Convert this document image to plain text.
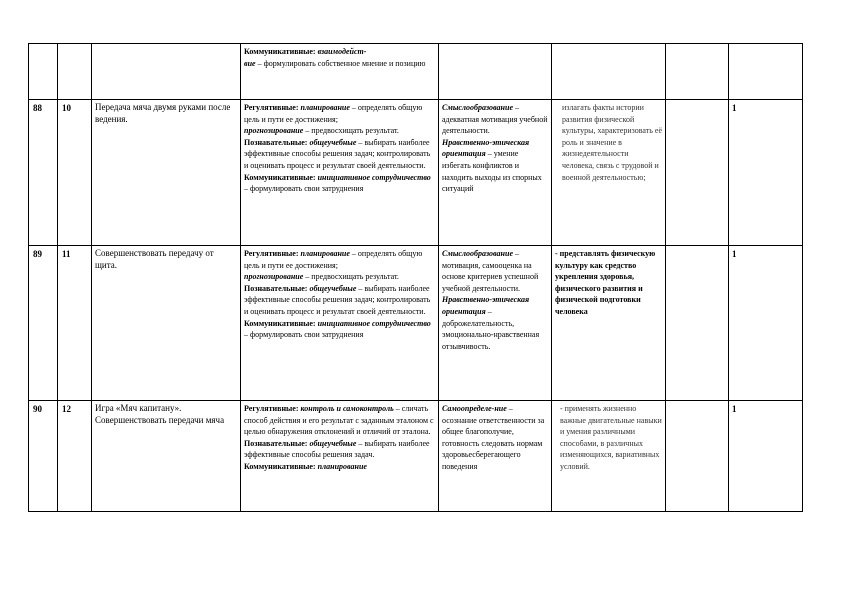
			Коммуникативные: взаимодейст-
вие – формулировать собственное мнение и позицию				

88	10	Передача мяча двумя руками после ведения.	Регулятивные: планирование – определять общую цель и пути ее достижения;
прогнозирование – предвосхищать результат.
Познавательные: общеучебные – выбирать наиболее эффективные способы решения задач; контролировать и оценивать процесс и результат своей деятельности.
Коммуникативные: инициативное сотрудничество – формулировать свои затруднения	Смыслообразование – адекватная мотивация учебной деятельности.
Нравственно-этическая ориентация – умение избегать конфликтов и находить выходы из спорных ситуаций	излагать факты истории развития физической культуры, характеризовать её роль и значение в жизнедеятельности человека, связь с трудовой и военной деятельностью;		1
89	11	Совершенствовать передачу от щита.	Регулятивные: планирование – определять общую цель и пути ее достижения;
прогнозирование – предвосхищать результат.
Познавательные: общеучебные – выбирать наиболее эффективные способы решения задач; контролировать и оценивать процесс и результат своей деятельности.
Коммуникативные: инициативное сотрудничество – формулировать свои затруднения	Смыслообразование – мотивация, самооценка на основе критериев успешной учебной деятельности.
Нравственно-этическая ориентация – доброжелательность, эмоционально-нравственная отзывчивость.	- представлять физическую культуру как средство укрепления здоровья, физического развития и физической подготовки человека		1
90	12	Игра «Мяч капитану». Совершенствовать передачи мяча	Регулятивные: контроль и самоконтроль – сличать способ действия и его результат с заданным эталоном с целью обнаружения отклонений и отличий от эталона.
Познавательные: общеучебные – выбирать наиболее эффективные способы решения задач. Коммуникативные: планирование	Самоопределе-ние – осознание ответственности за общее благополучие, готовность следовать нормам здоровьесберегающего поведения	- применять жизненно важные двигательные навыки и умения различными способами, в различных изменяющихся, вариативных условий.		1
